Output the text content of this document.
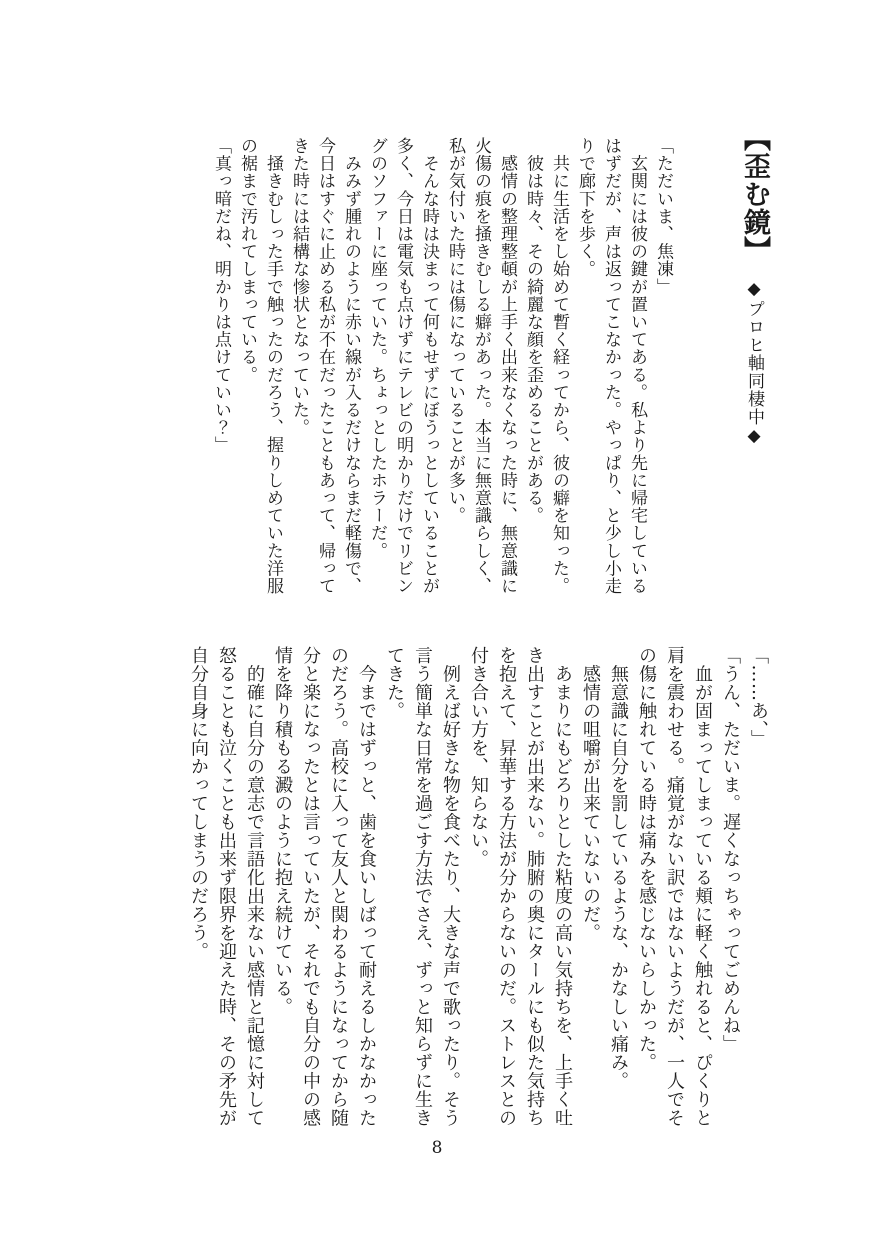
【歪む鏡】 ◆プロヒ軸同棲中◆

「ただいま、焦凍」

　玄関には彼の鍵が置いてある。私より先に帰宅しているはずだが、声は返ってこなかった。やっぱり、と少し小走りで廊下を歩く。

　共に生活をし始めて暫く経ってから、彼の癖を知った。

　彼は時々、その綺麗な顔を歪めることがある。

　感情の整理整頓が上手く出来なくなった時に、無意識に火傷の痕を掻きむしる癖があった。本当に無意識らしく、私が気付いた時には傷になっていることが多い。

　そんな時は決まって何もせずにぼうっとしていることが多く、今日は電気も点けずにテレビの明かりだけでリビングのソファーに座っていた。ちょっとしたホラーだ。

　みみず腫れのように赤い線が入るだけならまだ軽傷で、今日はすぐに止める私が不在だったこともあって、帰ってきた時には結構な惨状となっていた。

　掻きむしった手で触ったのだろう、握りしめていた洋服の裾まで汚れてしまっている。

「真っ暗だね、明かりは点けていい？」

「……あ、」

「うん、ただいま。遅くなっちゃってごめんね」

　血が固まってしまっている頬に軽く触れると、ぴくりと肩を震わせる。痛覚がない訳ではないようだが、一人でその傷に触れている時は痛みを感じないらしかった。

　無意識に自分を罰しているような、かなしい痛み。

　感情の咀嚼が出来ていないのだ。

　あまりにもどろりとした粘度の高い気持ちを、上手く吐き出すことが出来ない。肺腑の奥にタールにも似た気持ちを抱えて、昇華する方法が分からないのだ。ストレスとの付き合い方を、知らない。

　例えば好きな物を食べたり、大きな声で歌ったり。そう言う簡単な日常を過ごす方法でさえ、ずっと知らずに生きてきた。

　今まではずっと、歯を食いしばって耐えるしかなかったのだろう。高校に入って友人と関わるようになってから随分と楽になったとは言っていたが、それでも自分の中の感情を降り積もる澱のように抱え続けている。

　的確に自分の意志で言語化出来ない感情と記憶に対して怒ることも泣くことも出来ず限界を迎えた時、その矛先が自分自身に向かってしまうのだろう。

8
